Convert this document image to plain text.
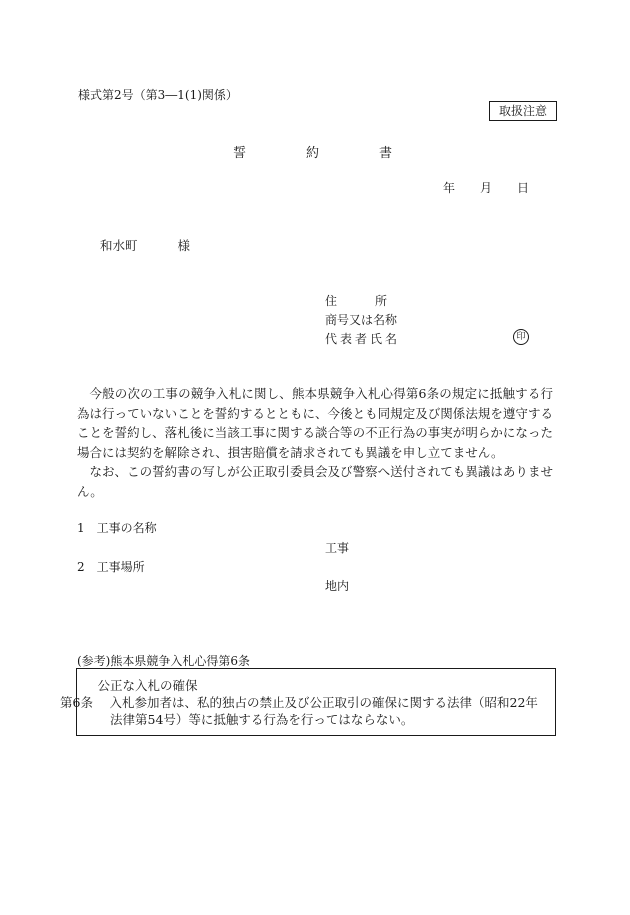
様式第2号（第3―1(1)関係）
取扱注意
誓	約	書
年 月 日
和水町	様
住	所
商号又は名称
代表者氏名	印

今般の次の工事の競争入札に関し、熊本県競争入札心得第6条の規定に抵触する行為は行っていないことを誓約するとともに、今後とも同規定及び関係法規を遵守することを誓約し、落札後に当該工事に関する談合等の不正行為の事実が明らかになった場合には契約を解除され、損害賠償を請求されても異議を申し立てません。

なお、この誓約書の写しが公正取引委員会及び警察へ送付されても異議はありません。

1　工事の名称
工事
2　工事場所
地内
(参考)熊本県競争入札心得第6条
公正な入札の確保
第6条 入札参加者は、私的独占の禁止及び公正取引の確保に関する法律（昭和22年法律第54号）等に抵触する行為を行ってはならない。
